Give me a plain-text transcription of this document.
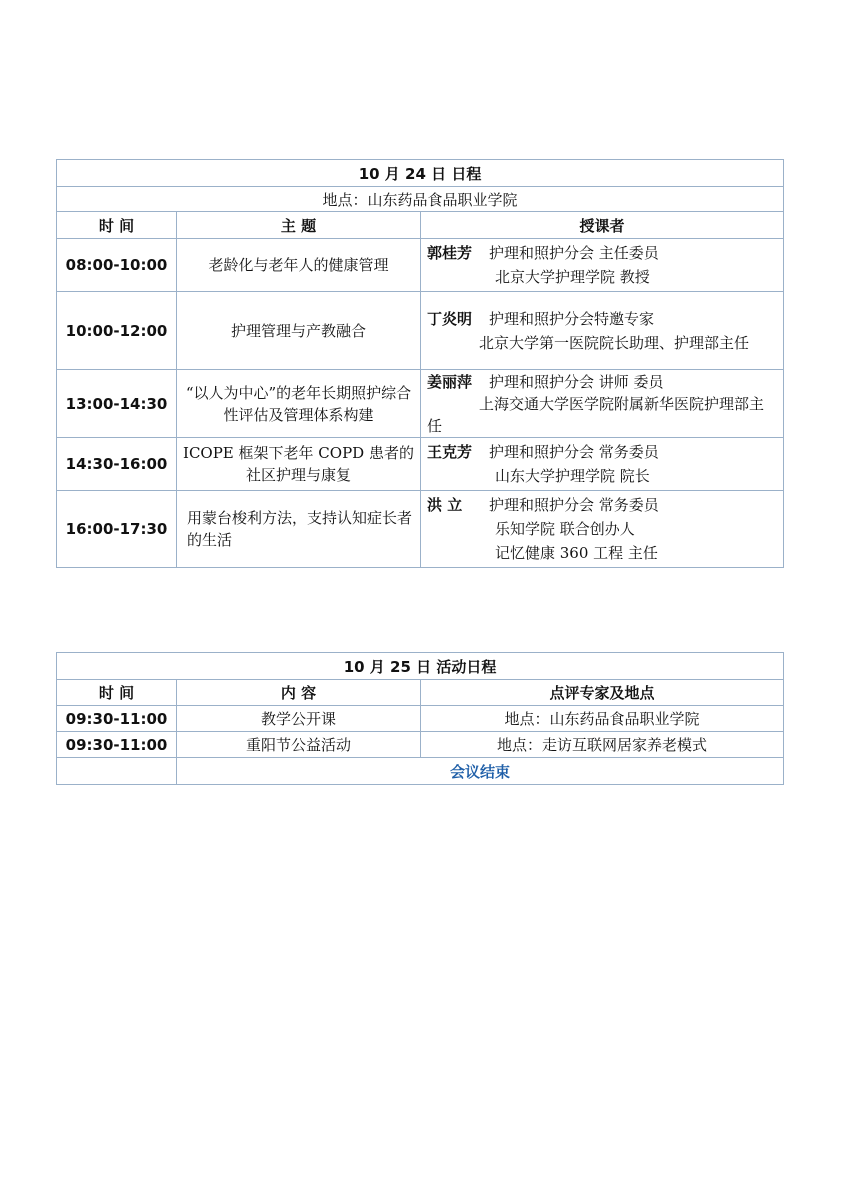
10 月 24 日 日程		
地点：山东药品食品职业学院		
时 间	主 题	授课者
08:00-10:00	老龄化与老年人的健康管理	郭桂芳 护理和照护分会 主任委员
北京大学护理学院 教授

10:00-12:00	护理管理与产教融合	丁炎明 护理和照护分会特邀专家
北京大学第一医院院长助理、护理部主任

13:00-14:30	“以人为中心”的老年长期照护综合性评估及管理体系构建	姜丽萍 护理和照护分会 讲师 委员
上海交通大学医学院附属新华医院护理部主任

14:30-16:00	ICOPE 框架下老年 COPD 患者的社区护理与康复	王克芳 护理和照护分会 常务委员
山东大学护理学院 院长

16:00-17:30	用蒙台梭利方法，支持认知症长者的生活	洪 立 护理和照护分会 常务委员
乐知学院 联合创办人
记忆健康 360 工程 主任
10 月 25 日 活动日程		
时 间	内 容	点评专家及地点
09:30-11:00	教学公开课	地点：山东药品食品职业学院
09:30-11:00	重阳节公益活动	地点：走访互联网居家养老模式
	会议结束	
